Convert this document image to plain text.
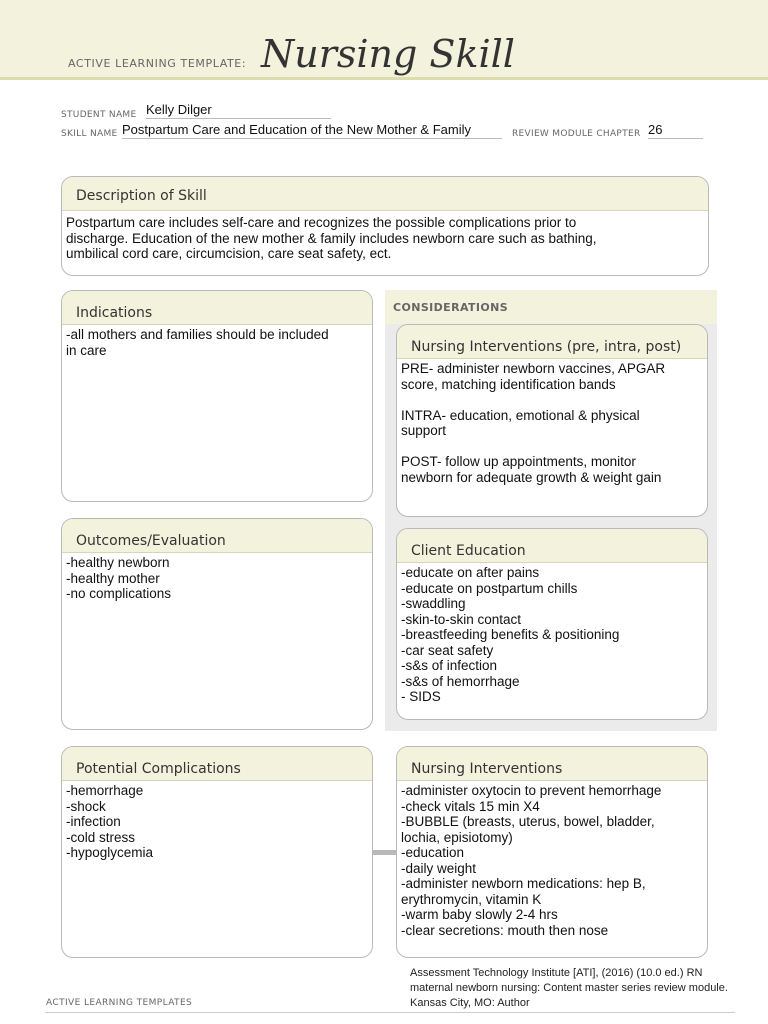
ACTIVE LEARNING TEMPLATE: Nursing Skill
STUDENT NAME Kelly Dilger
SKILL NAME Postpartum Care and Education of the New Mother & Family	REVIEW MODULE CHAPTER 26
Description of Skill
Postpartum care includes self-care and recognizes the possible complications prior to
discharge. Education of the new mother & family includes newborn care such as bathing,
umbilical cord care, circumcision, care seat safety, ect.
Indications
-all mothers and families should be included
in care
Outcomes/Evaluation
-healthy newborn
-healthy mother
-no complications
CONSIDERATIONS
Nursing Interventions (pre, intra, post)
PRE- administer newborn vaccines, APGAR
score, matching identification bands

INTRA- education, emotional & physical
support

POST- follow up appointments, monitor
newborn for adequate growth & weight gain
Client Education
-educate on after pains
-educate on postpartum chills
-swaddling
-skin-to-skin contact
-breastfeeding benefits & positioning
-car seat safety
-s&s of infection
-s&s of hemorrhage
- SIDS
Potential Complications
-hemorrhage
-shock
-infection
-cold stress
-hypoglycemia
Nursing Interventions
-administer oxytocin to prevent hemorrhage
-check vitals 15 min X4
-BUBBLE (breasts, uterus, bowel, bladder,
lochia, episiotomy)
-education
-daily weight
-administer newborn medications: hep B,
erythromycin, vitamin K
-warm baby slowly 2-4 hrs
-clear secretions: mouth then nose
Assessment Technology Institute [ATI], (2016) (10.0 ed.) RN maternal newborn nursing: Content master series review module. Kansas City, MO: Author
ACTIVE LEARNING TEMPLATES
